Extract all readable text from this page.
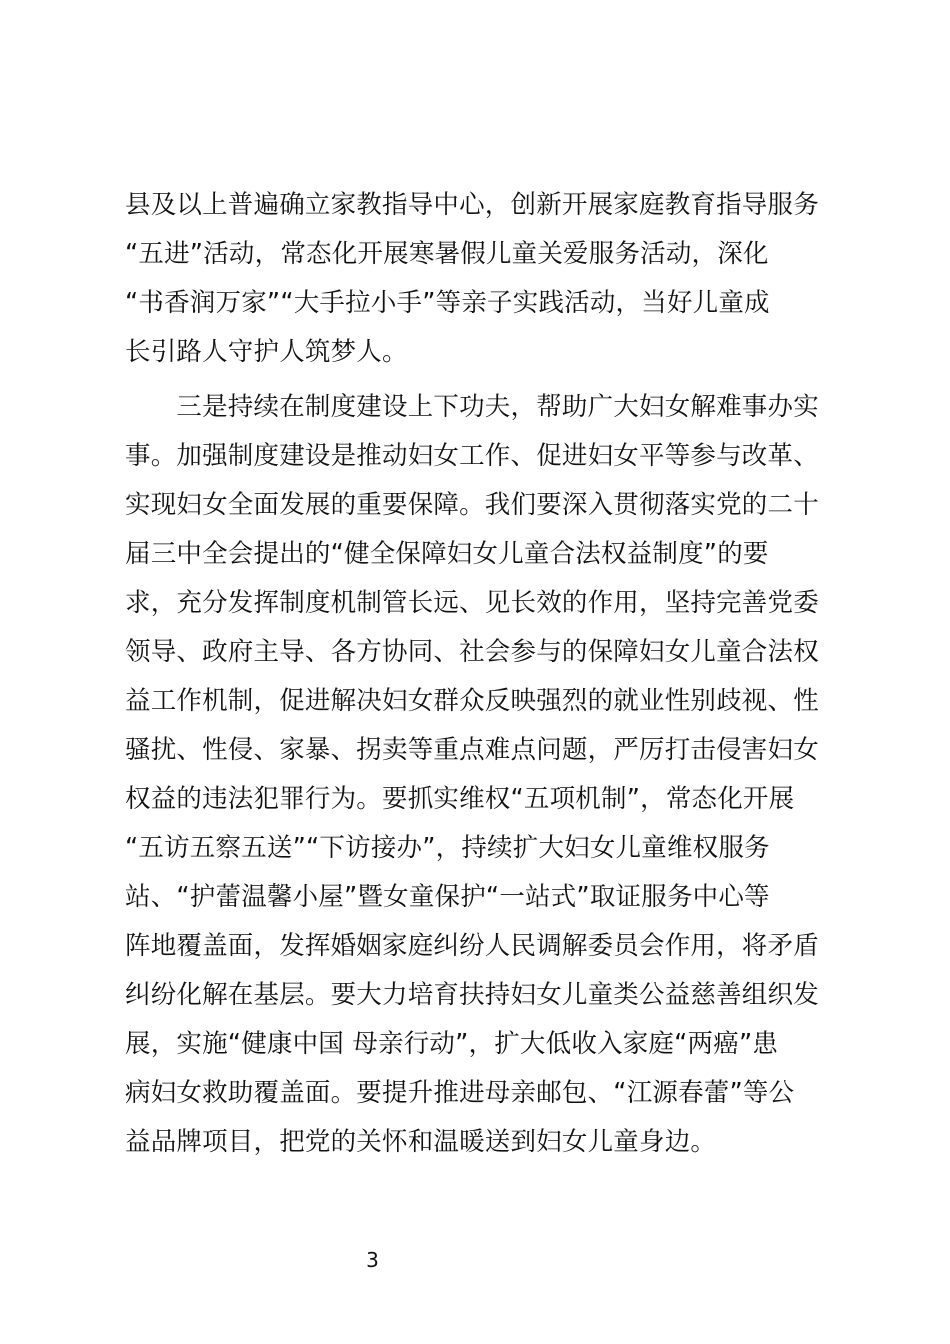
县及以上普遍确立家教指导中心，创新开展家庭教育指导服务
“五进”活动，常态化开展寒暑假儿童关爱服务活动，深化
“书香润万家”“大手拉小手”等亲子实践活动，当好儿童成
长引路人守护人筑梦人。
　　三是持续在制度建设上下功夫，帮助广大妇女解难事办实
事。加强制度建设是推动妇女工作、促进妇女平等参与改革、
实现妇女全面发展的重要保障。我们要深入贯彻落实党的二十
届三中全会提出的“健全保障妇女儿童合法权益制度”的要
求，充分发挥制度机制管长远、见长效的作用，坚持完善党委
领导、政府主导、各方协同、社会参与的保障妇女儿童合法权
益工作机制，促进解决妇女群众反映强烈的就业性别歧视、性
骚扰、性侵、家暴、拐卖等重点难点问题，严厉打击侵害妇女
权益的违法犯罪行为。要抓实维权“五项机制”，常态化开展
“五访五察五送”“下访接办”，持续扩大妇女儿童维权服务
站、“护蕾温馨小屋”暨女童保护“一站式”取证服务中心等
阵地覆盖面，发挥婚姻家庭纠纷人民调解委员会作用，将矛盾
纠纷化解在基层。要大力培育扶持妇女儿童类公益慈善组织发
展，实施“健康中国 母亲行动”，扩大低收入家庭“两癌”患
病妇女救助覆盖面。要提升推进母亲邮包、“江源春蕾”等公
益品牌项目，把党的关怀和温暖送到妇女儿童身边。
3
